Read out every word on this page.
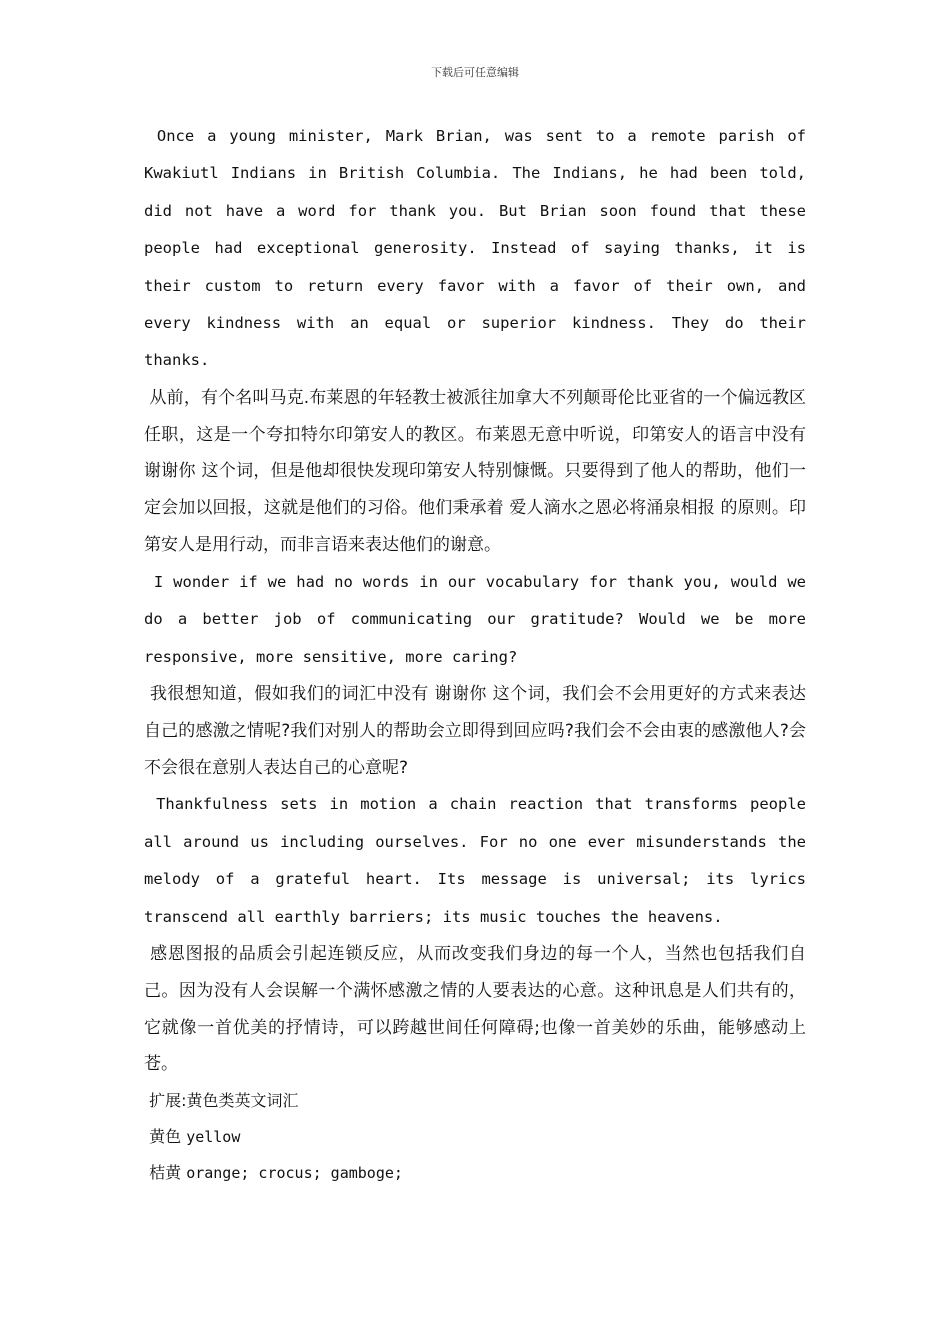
下载后可任意编辑

Once a young minister, Mark Brian, was sent to a remote parish of Kwakiutl Indians in British Columbia. The Indians, he had been told, did not have a word for thank you. But Brian soon found that these people had exceptional generosity. Instead of saying thanks, it is their custom to return every favor with a favor of their own, and every kindness with an equal or superior kindness. They do their thanks.

从前，有个名叫马克.布莱恩的年轻教士被派往加拿大不列颠哥伦比亚省的一个偏远教区任职，这是一个夸扣特尔印第安人的教区。布莱恩无意中听说，印第安人的语言中没有 谢谢你 这个词，但是他却很快发现印第安人特别慷慨。只要得到了他人的帮助，他们一定会加以回报，这就是他们的习俗。他们秉承着 爱人滴水之恩必将涌泉相报 的原则。印第安人是用行动，而非言语来表达他们的谢意。

I wonder if we had no words in our vocabulary for thank you, would we do a better job of communicating our gratitude? Would we be more responsive, more sensitive, more caring?

我很想知道，假如我们的词汇中没有 谢谢你 这个词，我们会不会用更好的方式来表达自己的感激之情呢?我们对别人的帮助会立即得到回应吗?我们会不会由衷的感激他人?会不会很在意别人表达自己的心意呢?

Thankfulness sets in motion a chain reaction that transforms people all around us including ourselves. For no one ever misunderstands the melody of a grateful heart. Its message is universal; its lyrics transcend all earthly barriers; its music touches the heavens.

感恩图报的品质会引起连锁反应，从而改变我们身边的每一个人，当然也包括我们自己。因为没有人会误解一个满怀感激之情的人要表达的心意。这种讯息是人们共有的，它就像一首优美的抒情诗，可以跨越世间任何障碍;也像一首美妙的乐曲，能够感动上苍。

扩展:黄色类英文词汇

黄色 yellow

桔黄 orange; crocus; gamboge;
